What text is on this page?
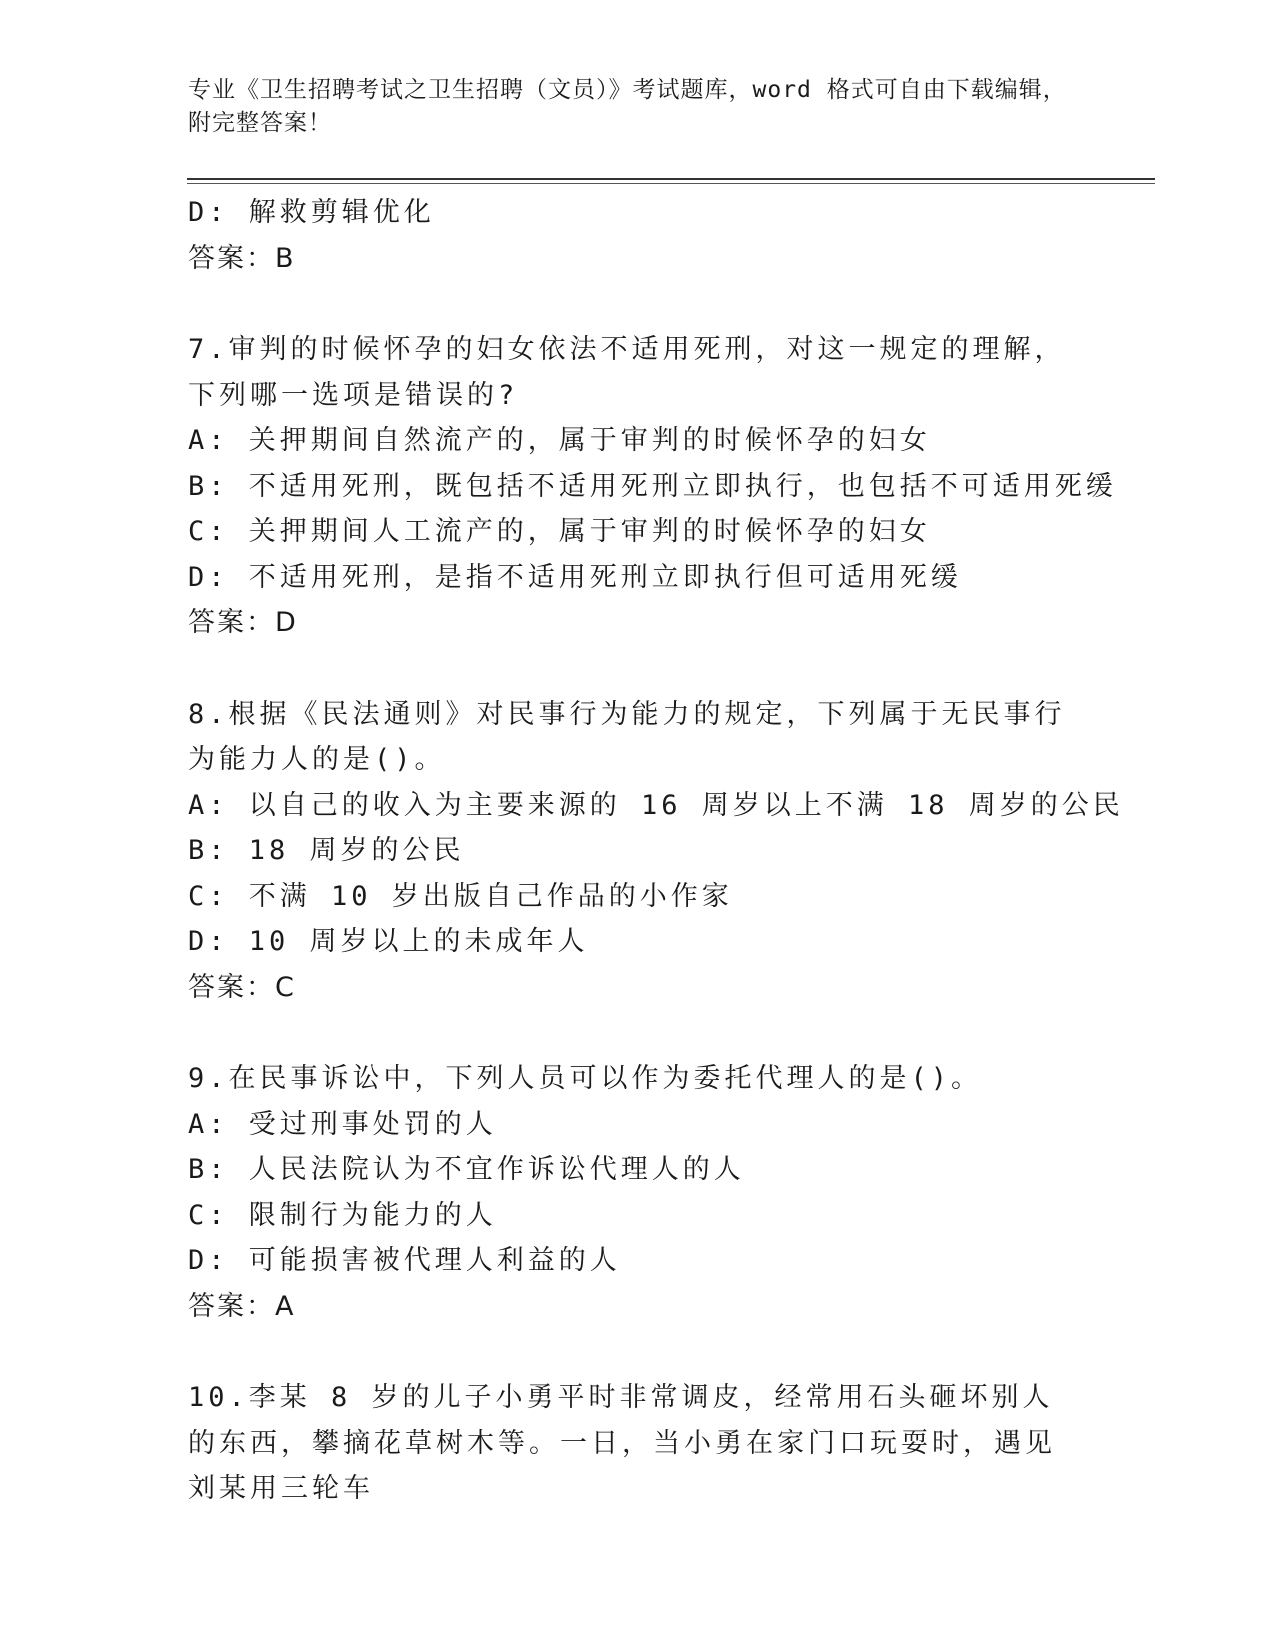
专业《卫生招聘考试之卫生招聘（文员）》考试题库，word 格式可自由下载编辑，附完整答案！
D: 解救剪辑优化
答案：B
7.审判的时候怀孕的妇女依法不适用死刑，对这一规定的理解，下列哪一选项是错误的?
A: 关押期间自然流产的，属于审判的时候怀孕的妇女
B: 不适用死刑，既包括不适用死刑立即执行，也包括不可适用死缓
C: 关押期间人工流产的，属于审判的时候怀孕的妇女
D: 不适用死刑，是指不适用死刑立即执行但可适用死缓
答案：D
8.根据《民法通则》对民事行为能力的规定，下列属于无民事行为能力人的是()。
A: 以自己的收入为主要来源的 16 周岁以上不满 18 周岁的公民
B: 18 周岁的公民
C: 不满 10 岁出版自己作品的小作家
D: 10 周岁以上的未成年人
答案：C
9.在民事诉讼中，下列人员可以作为委托代理人的是()。
A: 受过刑事处罚的人
B: 人民法院认为不宜作诉讼代理人的人
C: 限制行为能力的人
D: 可能损害被代理人利益的人
答案：A
10.李某 8 岁的儿子小勇平时非常调皮，经常用石头砸坏别人的东西，攀摘花草树木等。一日，当小勇在家门口玩耍时，遇见刘某用三轮车
